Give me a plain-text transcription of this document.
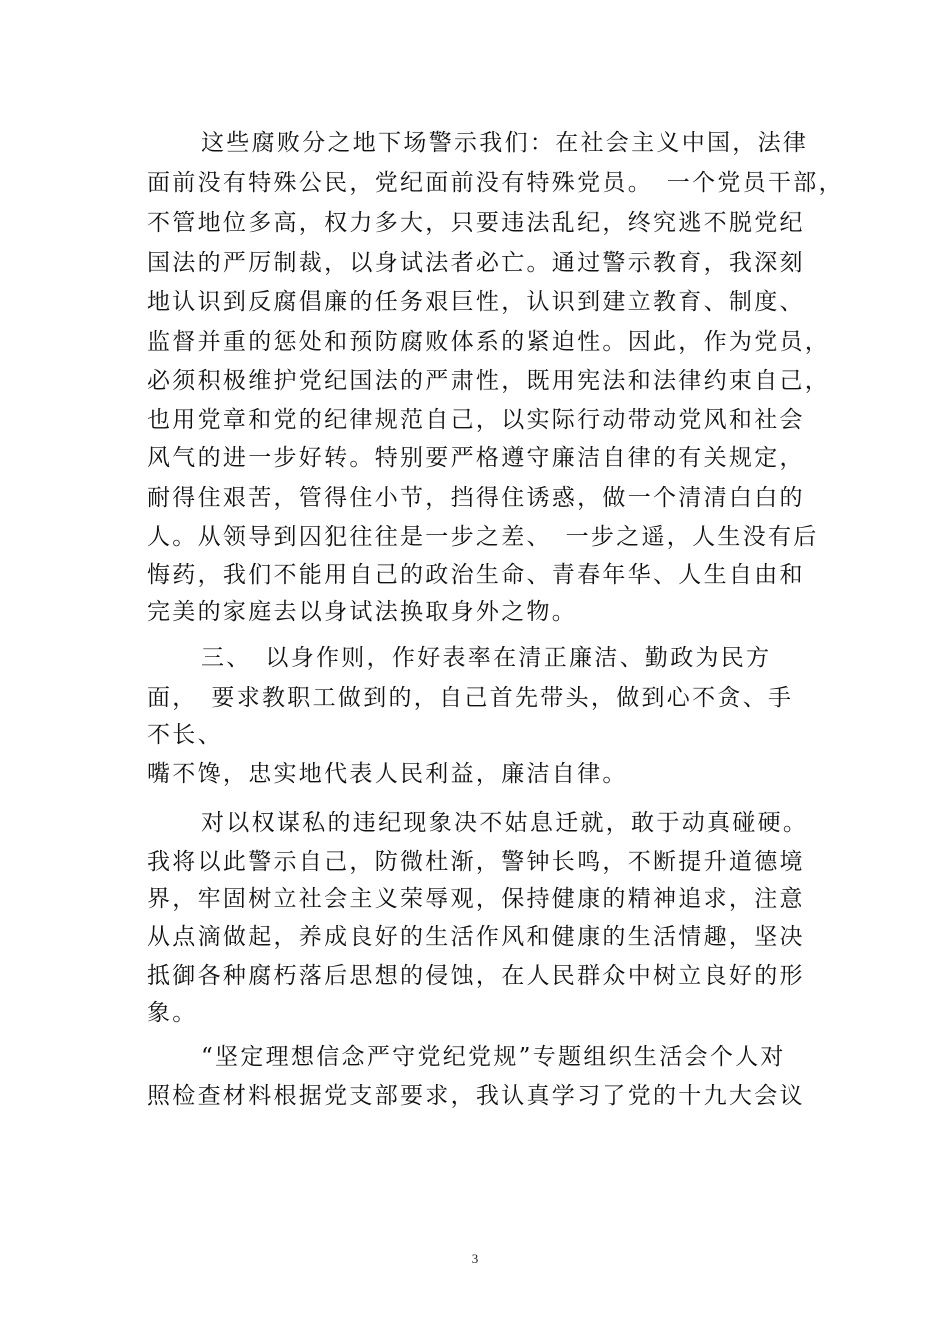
这些腐败分之地下场警示我们：在社会主义中国，法律
面前没有特殊公民，党纪面前没有特殊党员。　一个党员干部，
不管地位多高，权力多大，只要违法乱纪，终究逃不脱党纪
国法的严厉制裁，以身试法者必亡。通过警示教育，我深刻
地认识到反腐倡廉的任务艰巨性，认识到建立教育、制度、
监督并重的惩处和预防腐败体系的紧迫性。因此，作为党员，
必须积极维护党纪国法的严肃性，既用宪法和法律约束自己，
也用党章和党的纪律规范自己，以实际行动带动党风和社会
风气的进一步好转。特别要严格遵守廉洁自律的有关规定，
耐得住艰苦，管得住小节，挡得住诱惑，做一个清清白白的
人。从领导到囚犯往往是一步之差、　一步之遥，人生没有后
悔药，我们不能用自己的政治生命、青春年华、人生自由和
完美的家庭去以身试法换取身外之物。
三、　以身作则，作好表率在清正廉洁、勤政为民方
面，　要求教职工做到的，自己首先带头，做到心不贪、手
不长、
嘴不馋，忠实地代表人民利益，廉洁自律。
对以权谋私的违纪现象决不姑息迁就，敢于动真碰硬。
我将以此警示自己，防微杜渐，警钟长鸣，不断提升道德境
界，牢固树立社会主义荣辱观，保持健康的精神追求，注意
从点滴做起，养成良好的生活作风和健康的生活情趣，坚决
抵御各种腐朽落后思想的侵蚀，在人民群众中树立良好的形
象。
“坚定理想信念严守党纪党规”专题组织生活会个人对
照检查材料根据党支部要求，我认真学习了党的十九大会议
3
